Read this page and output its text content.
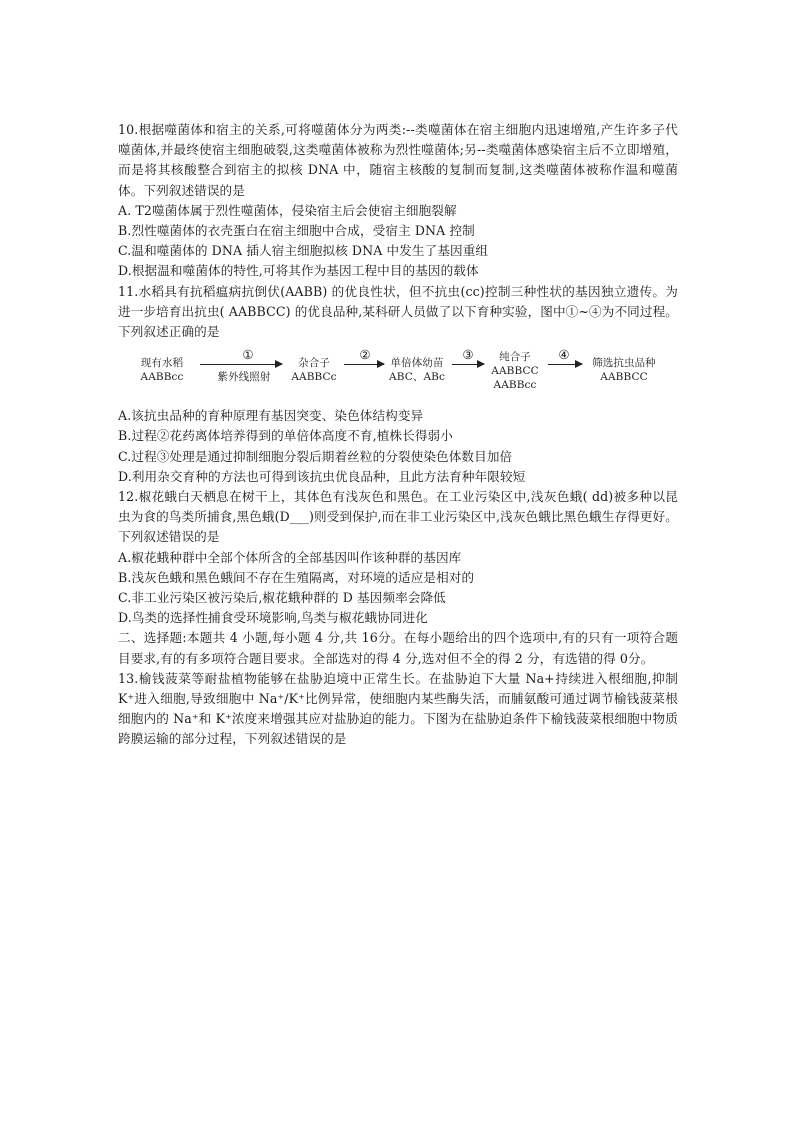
10.根据噬菌体和宿主的关系,可将噬菌体分为两类:--类噬菌体在宿主细胞内迅速增殖,产生许多子代噬菌体,并最终使宿主细胞破裂,这类噬菌体被称为烈性噬菌体;另--类噬菌体感染宿主后不立即增殖，而是将其核酸整合到宿主的拟核 DNA 中，随宿主核酸的复制而复制,这类噬菌体被称作温和噬菌体。下列叙述错误的是

A. T2噬菌体属于烈性噬菌体，侵染宿主后会使宿主细胞裂解

B.烈性噬菌体的衣壳蛋白在宿主细胞中合成，受宿主 DNA 控制

C.温和噬菌体的 DNA 插人宿主细胞拟核 DNA 中发生了基因重组

D.根据温和噬菌体的特性,可将其作为基因工程中目的基因的载体

11.水稻具有抗稻瘟病抗倒伏(AABB) 的优良性状，但不抗虫(cc)控制三种性状的基因独立遗传。为进一步培育出抗虫( AABBCC) 的优良品种,某科研人员做了以下育种实验，图中①~④为不同过程。下列叙述正确的是

现有水稻
AABBcc
①
紫外线照射
杂合子
AABBCc
②
单倍体幼苗
ABC、ABc
③	纯合子
AABBCC
AABBcc
④
筛选抗虫品种
AABBCC

A.该抗虫品种的育种原理有基因突变、染色体结构变异

B.过程②花药离体培养得到的单倍体高度不育,植株长得弱小

C.过程③处理是通过抑制细胞分裂后期着丝粒的分裂使染色体数目加倍

D.利用杂交育种的方法也可得到该抗虫优良品种，且此方法育种年限较短

12.椒花蛾白天栖息在树干上，其体色有浅灰色和黑色。在工业污染区中,浅灰色蛾( dd)被多种以昆虫为食的鸟类所捕食,黑色蛾(D___)则受到保护,而在非工业污染区中,浅灰色蛾比黑色蛾生存得更好。下列叙述错误的是

A.椒花蛾种群中全部个体所含的全部基因叫作该种群的基因库

B.浅灰色蛾和黑色蛾间不存在生殖隔离，对环境的适应是相对的

C.非工业污染区被污染后,椒花蛾种群的 D 基因频率会降低

D.鸟类的选择性捕食受环境影响,鸟类与椒花蛾协同进化

二、选择题:本题共 4 小题,每小题 4 分,共 16分。在每小题给出的四个选项中,有的只有一项符合题目要求,有的有多项符合题目要求。全部选对的得 4 分,选对但不全的得 2 分，有选错的得 0分。

13.榆钱菠菜等耐盐植物能够在盐胁迫境中正常生长。在盐胁迫下大量 Na+持续进入根细胞,抑制 K⁺进入细胞,导致细胞中 Na⁺/K⁺比例异常，使细胞内某些酶失活，而脯氨酸可通过调节榆钱菠菜根细胞内的 Na⁺和 K⁺浓度来增强其应对盐胁迫的能力。下图为在盐胁迫条件下榆钱菠菜根细胞中物质跨膜运输的部分过程，下列叙述错误的是
